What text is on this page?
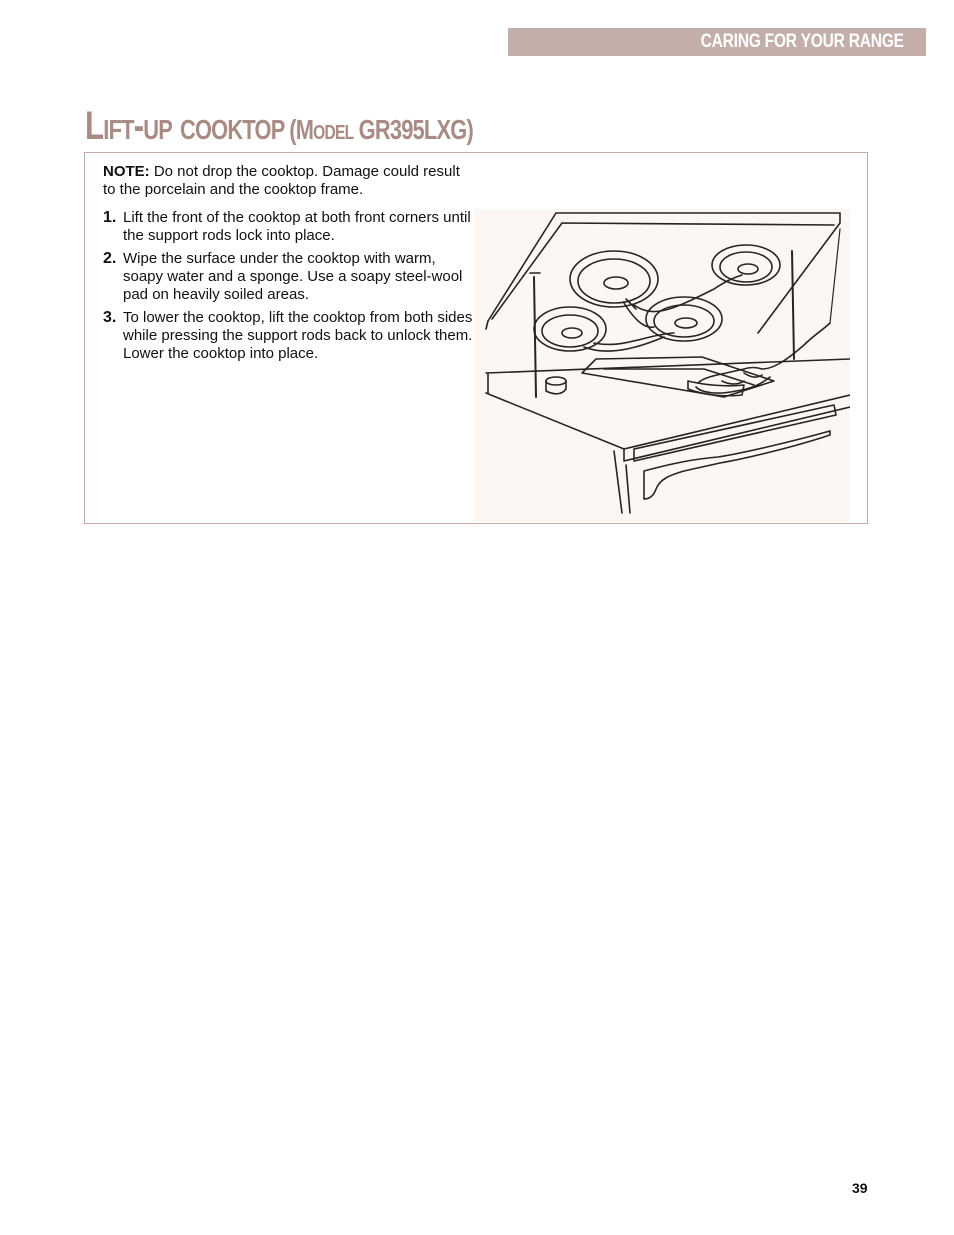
CARING FOR YOUR RANGE
Lift-up cooktop (Model GR395LXG)

NOTE: Do not drop the cooktop. Damage could result to the porcelain and the cooktop frame.

1. Lift the front of the cooktop at both front corners until the support rods lock into place.
2. Wipe the surface under the cooktop with warm, soapy water and a sponge. Use a soapy steel-wool pad on heavily soiled areas.
3. To lower the cooktop, lift the cooktop from both sides while pressing the support rods back to unlock them. Lower the cooktop into place.
39
